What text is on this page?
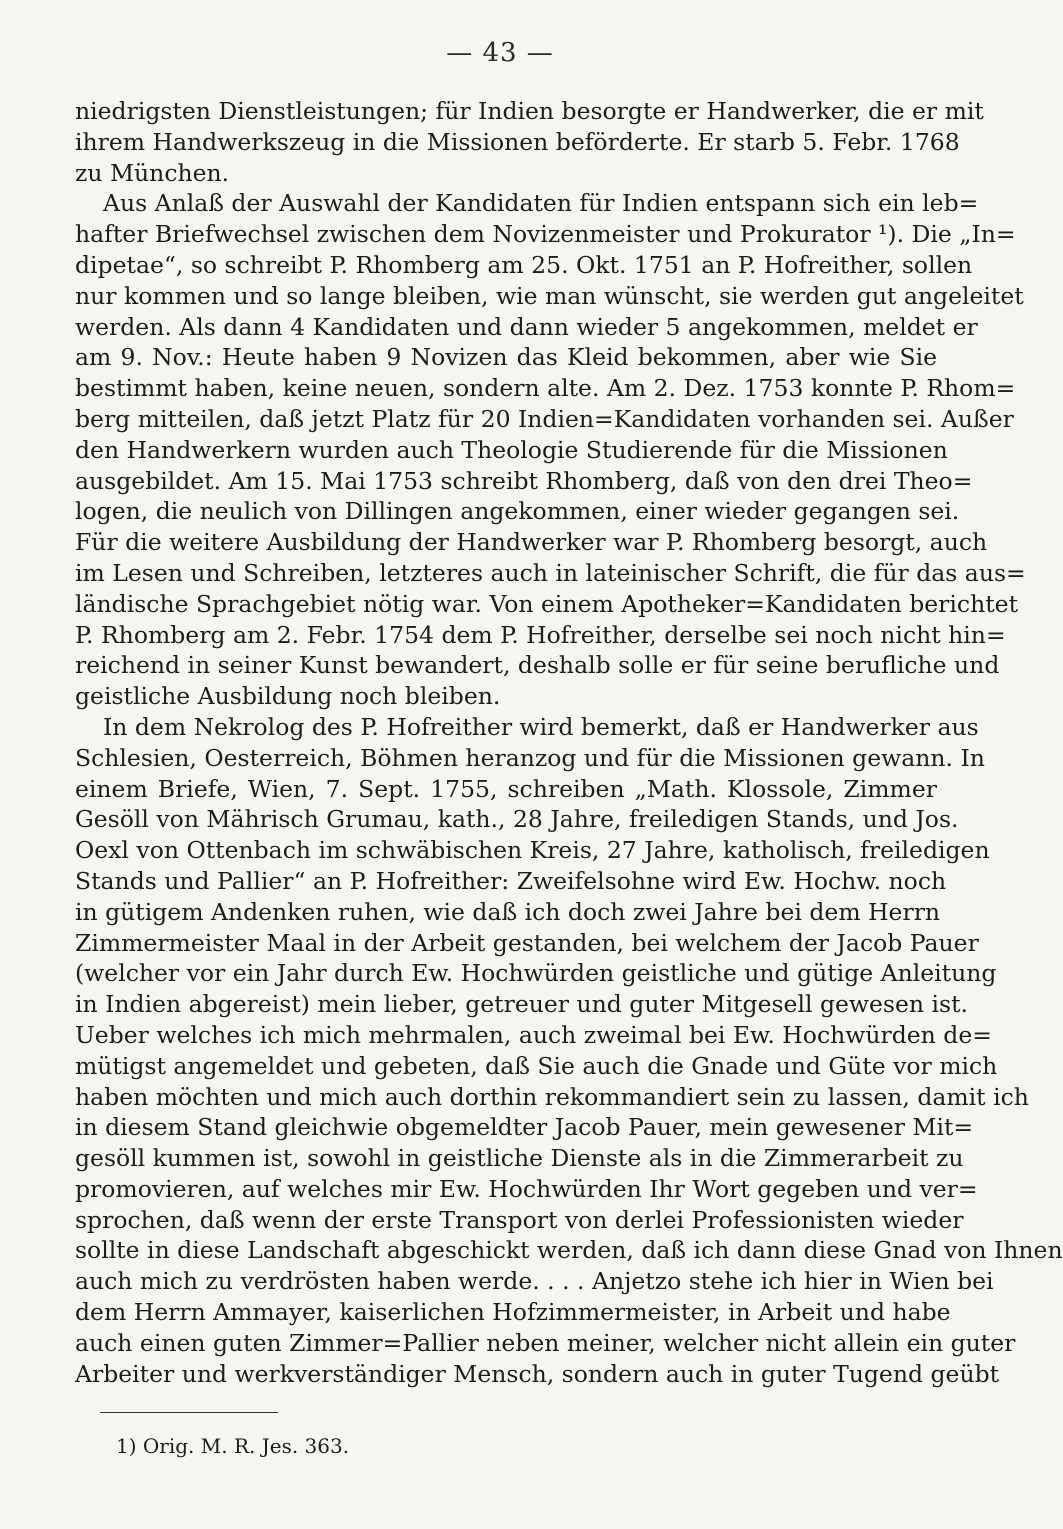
— 43 —
niedrigsten Dienstleistungen; für Indien besorgte er Handwerker, die er mit
ihrem Handwerkszeug in die Missionen beförderte. Er starb 5. Febr. 1768
zu München.
Aus Anlaß der Auswahl der Kandidaten für Indien entspann sich ein leb=
hafter Briefwechsel zwischen dem Novizenmeister und Prokurator ¹). Die „In=
dipetae“, so schreibt P. Rhomberg am 25. Okt. 1751 an P. Hofreither, sollen
nur kommen und so lange bleiben, wie man wünscht, sie werden gut angeleitet
werden. Als dann 4 Kandidaten und dann wieder 5 angekommen, meldet er
am 9. Nov.: Heute haben 9 Novizen das Kleid bekommen, aber wie Sie
bestimmt haben, keine neuen, sondern alte. Am 2. Dez. 1753 konnte P. Rhom=
berg mitteilen, daß jetzt Platz für 20 Indien=Kandidaten vorhanden sei. Außer
den Handwerkern wurden auch Theologie Studierende für die Missionen
ausgebildet. Am 15. Mai 1753 schreibt Rhomberg, daß von den drei Theo=
logen, die neulich von Dillingen angekommen, einer wieder gegangen sei.
Für die weitere Ausbildung der Handwerker war P. Rhomberg besorgt, auch
im Lesen und Schreiben, letzteres auch in lateinischer Schrift, die für das aus=
ländische Sprachgebiet nötig war. Von einem Apotheker=Kandidaten berichtet
P. Rhomberg am 2. Febr. 1754 dem P. Hofreither, derselbe sei noch nicht hin=
reichend in seiner Kunst bewandert, deshalb solle er für seine berufliche und
geistliche Ausbildung noch bleiben.
In dem Nekrolog des P. Hofreither wird bemerkt, daß er Handwerker aus
Schlesien, Oesterreich, Böhmen heranzog und für die Missionen gewann. In
einem Briefe, Wien, 7. Sept. 1755, schreiben „Math. Klossole, Zimmer
Gesöll von Mährisch Grumau, kath., 28 Jahre, freiledigen Stands, und Jos.
Oexl von Ottenbach im schwäbischen Kreis, 27 Jahre, katholisch, freiledigen
Stands und Pallier“ an P. Hofreither: Zweifelsohne wird Ew. Hochw. noch
in gütigem Andenken ruhen, wie daß ich doch zwei Jahre bei dem Herrn
Zimmermeister Maal in der Arbeit gestanden, bei welchem der Jacob Pauer
(welcher vor ein Jahr durch Ew. Hochwürden geistliche und gütige Anleitung
in Indien abgereist) mein lieber, getreuer und guter Mitgesell gewesen ist.
Ueber welches ich mich mehrmalen, auch zweimal bei Ew. Hochwürden de=
mütigst angemeldet und gebeten, daß Sie auch die Gnade und Güte vor mich
haben möchten und mich auch dorthin rekommandiert sein zu lassen, damit ich
in diesem Stand gleichwie obgemeldter Jacob Pauer, mein gewesener Mit=
gesöll kummen ist, sowohl in geistliche Dienste als in die Zimmerarbeit zu
promovieren, auf welches mir Ew. Hochwürden Ihr Wort gegeben und ver=
sprochen, daß wenn der erste Transport von derlei Professionisten wieder
sollte in diese Landschaft abgeschickt werden, daß ich dann diese Gnad von Ihnen
auch mich zu verdrösten haben werde. . . . Anjetzo stehe ich hier in Wien bei
dem Herrn Ammayer, kaiserlichen Hofzimmermeister, in Arbeit und habe
auch einen guten Zimmer=Pallier neben meiner, welcher nicht allein ein guter
Arbeiter und werkverständiger Mensch, sondern auch in guter Tugend geübt
1) Orig. M. R. Jes. 363.
